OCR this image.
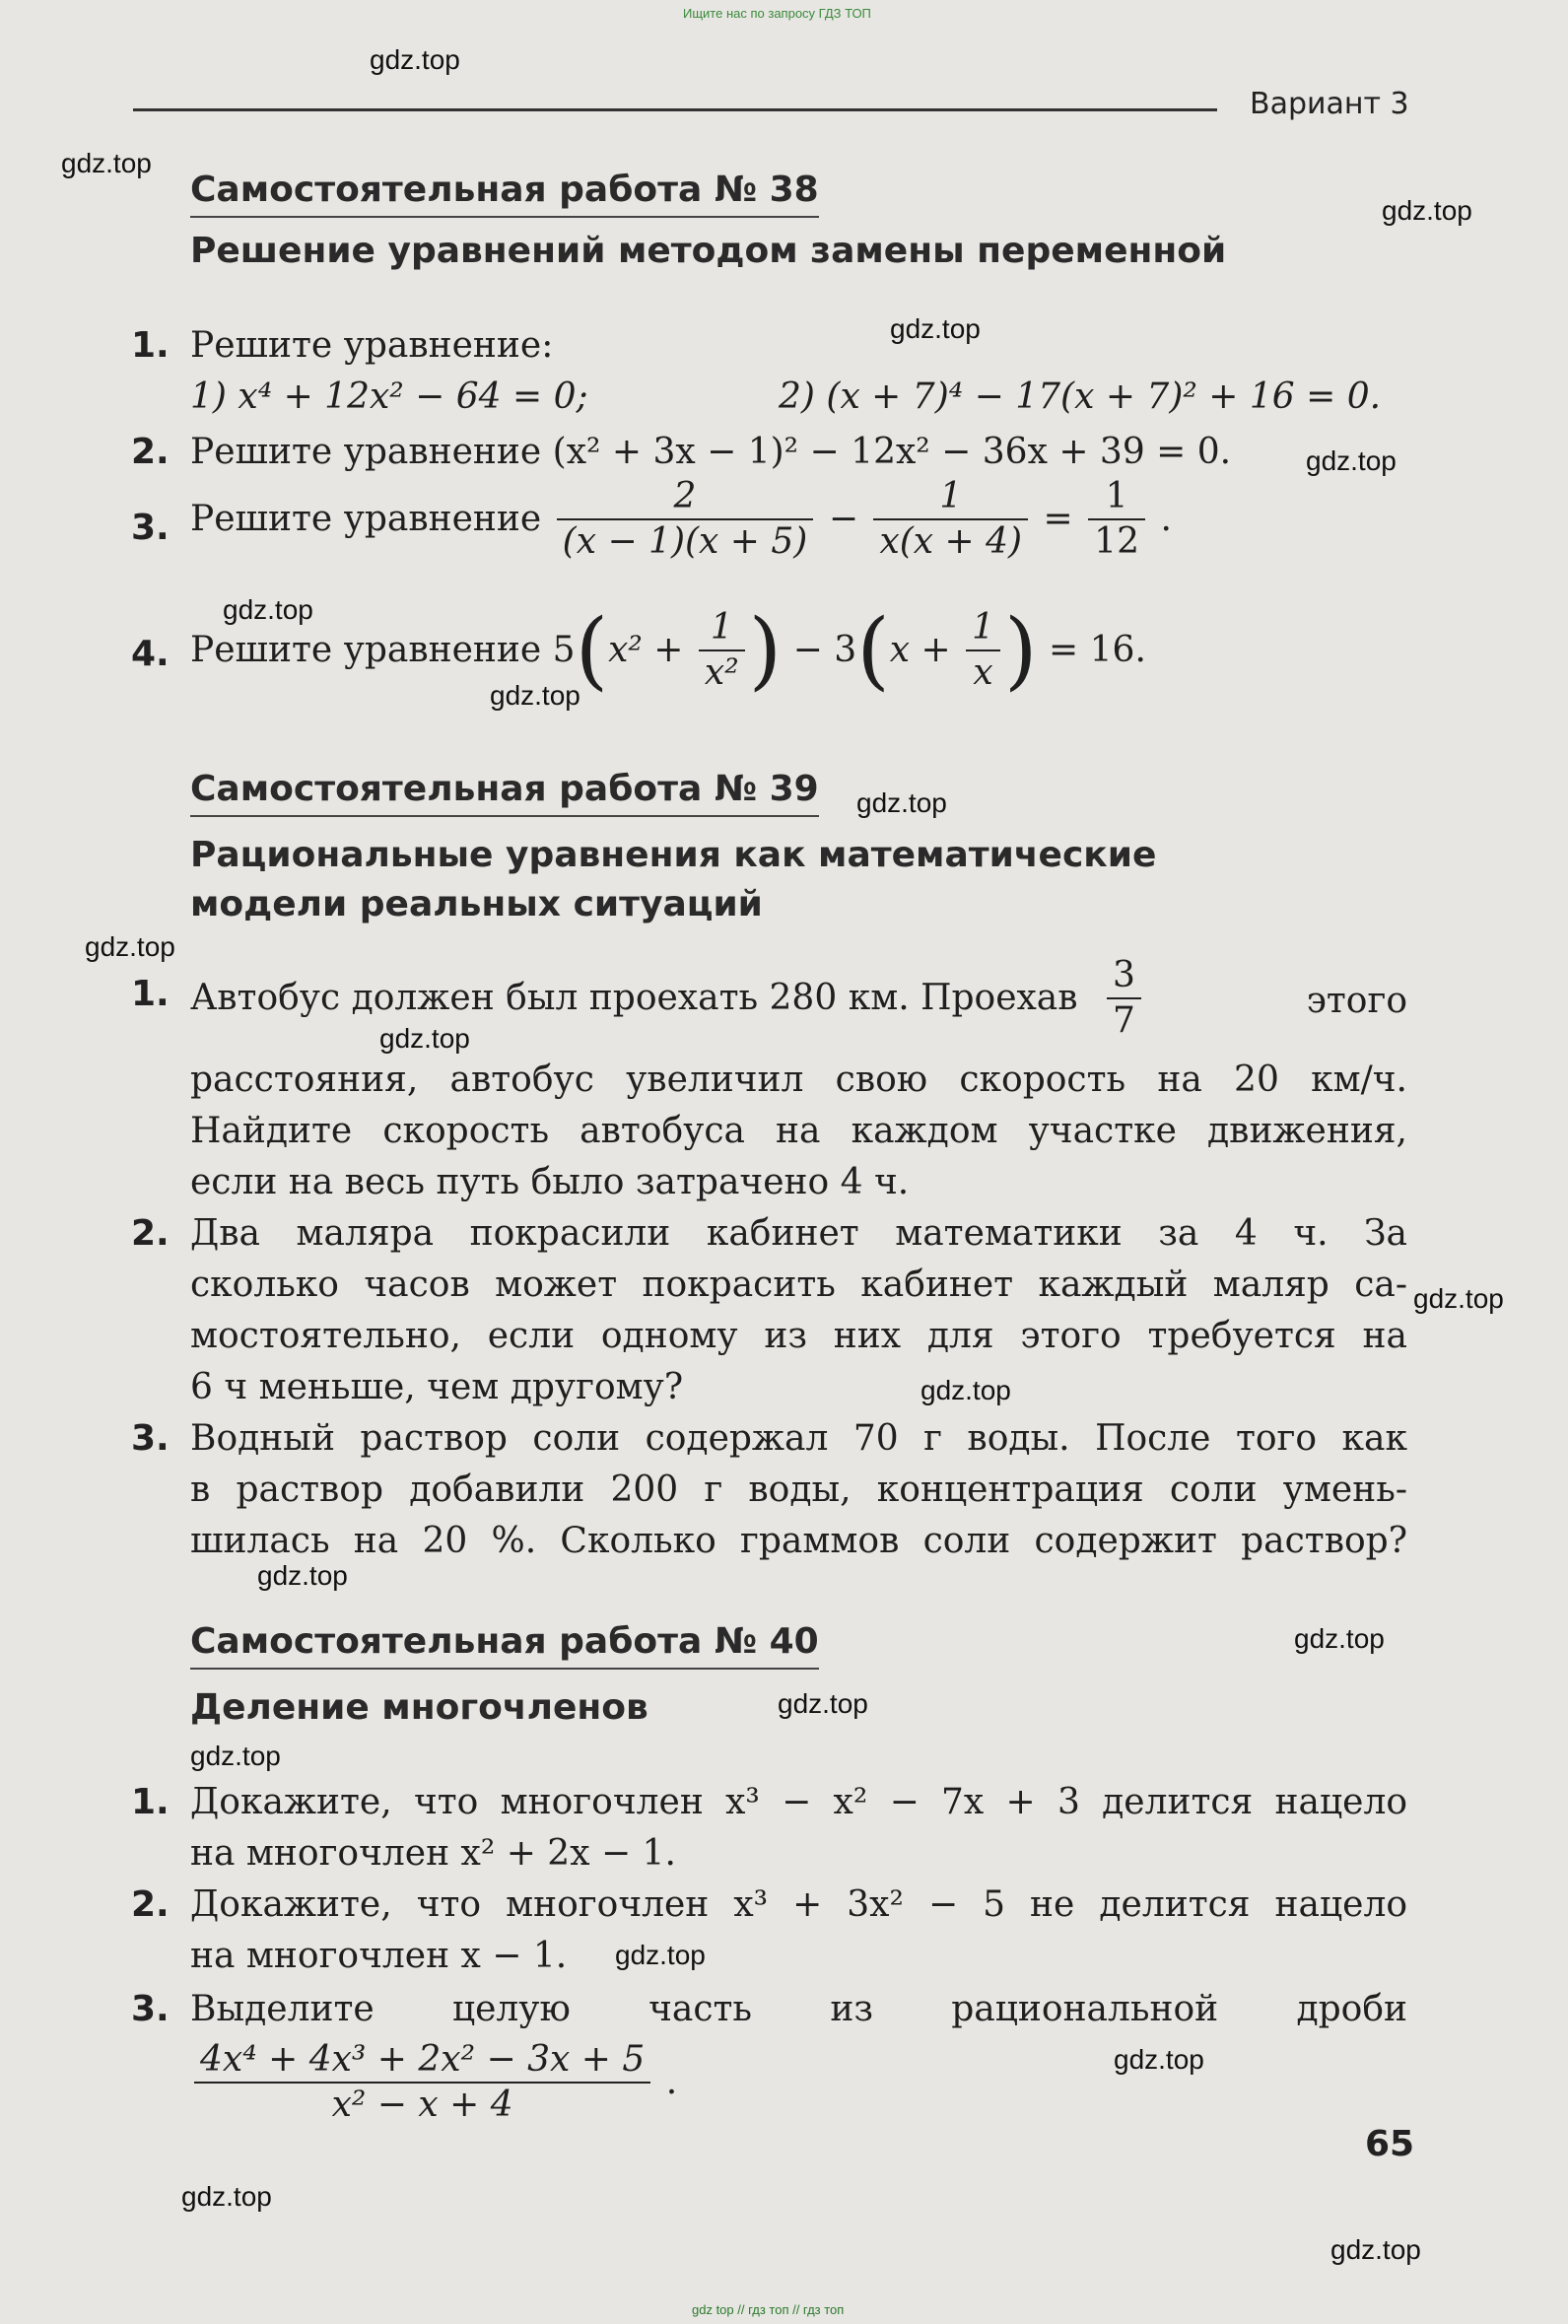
Ищите нас по запросу ГДЗ ТОП
Вариант 3
gdz.top
gdz.top
gdz.top
gdz.top
gdz.top
gdz.top
gdz.top
gdz.top
gdz.top
gdz.top
gdz.top
gdz.top
gdz.top
gdz.top
gdz.top
gdz.top
gdz.top
gdz.top
gdz.top
gdz.top
Самостоятельная работа № 38
Решение уравнений методом замены переменной
1. Решите уравнение:
1) x⁴ + 12x² − 64 = 0;	2) (x + 7)⁴ − 17(x + 7)² + 16 = 0.
2. Решите уравнение (x² + 3x − 1)² − 12x² − 36x + 39 = 0.
3. Решите уравнение $\frac{2}{(x - 1)(x + 5)} - \frac{1}{x(x + 4)} = \frac{1}{12}$ .
4. Решите уравнение $5(x^2 + \frac{1}{\text{x²}}$ ) − $3(x + \frac{1}{x}$ ) = 16.
Самостоятельная работа № 39
Рациональные уравнения как математические
модели реальных ситуаций
1. Автобус должен был проехать 280 км. Проехав $\frac{3}{7}$	этого
расстояния, автобус увеличил свою скорость на 20 км/ч.
Найдите скорость автобуса на каждом участке движения,
если на весь путь было затрачено 4 ч.
2. Два маляра покрасили кабинет математики за 4 ч. За
сколько часов может покрасить кабинет каждый маляр са-
мостоятельно, если одному из них для этого требуется на
6 ч меньше, чем другому?
3. Водный раствор соли содержал 70 г воды. После того как
в раствор добавили 200 г воды, концентрация соли умень-
шилась на 20 %. Сколько граммов соли содержит раствор?
Самостоятельная работа № 40
Деление многочленов
1. Докажите, что многочлен x³ − x² − 7x + 3 делится нацело
на многочлен x² + 2x − 1.
2. Докажите, что многочлен x³ + 3x² − 5 не делится нацело
на многочлен x − 1.
3. Выделите целую часть из рациональной дроби
$\frac{\text{4x⁴ + 4x³ + 2x² − 3x + 5}}{\text{x² − x + 4}}$ .
65
gdz top // гдз топ // гдз топ
